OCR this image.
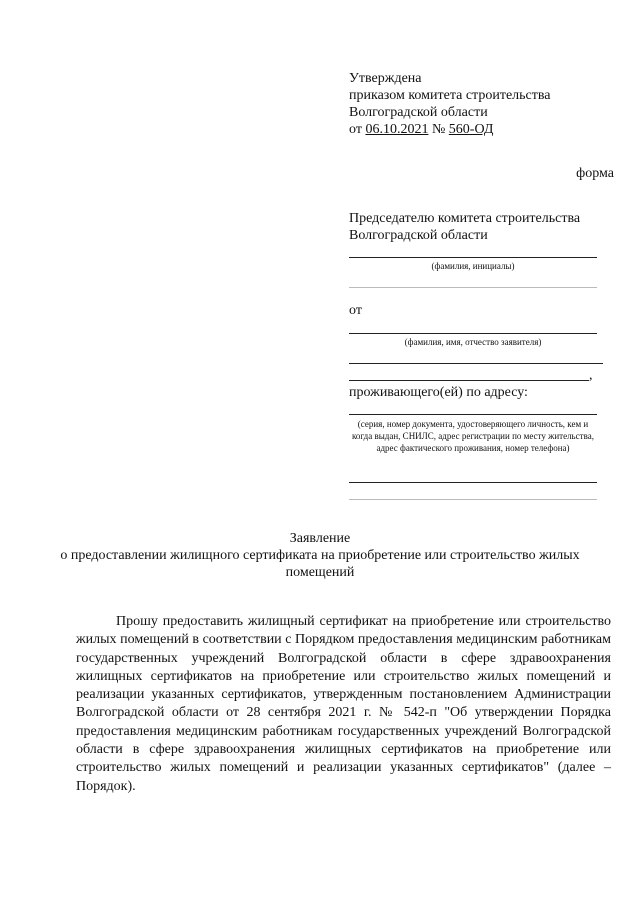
Утверждена
приказом комитета строительства
Волгоградской области
от 06.10.2021 № 560-ОД
форма
Председателю комитета строительства
Волгоградской области
(фамилия, инициалы)
от
(фамилия, имя, отчество заявителя)
,
проживающего(ей) по адресу:
(серия, номер документа, удостоверяющего личность, кем и когда выдан, СНИЛС, адрес регистрации по месту жительства, адрес фактического проживания, номер телефона)
Заявление
о предоставлении жилищного сертификата на приобретение или строительство жилых помещений
Прошу предоставить жилищный сертификат на приобретение или строительство жилых помещений в соответствии с Порядком предоставления медицинским работникам государственных учреждений Волгоградской области в сфере здравоохранения жилищных сертификатов на приобретение или строительство жилых помещений и реализации указанных сертификатов, утвержденным постановлением Администрации Волгоградской области от 28 сентября 2021 г. № 542-п "Об утверждении Порядка предоставления медицинским работникам государственных учреждений Волгоградской области в сфере здравоохранения жилищных сертификатов на приобретение или строительство жилых помещений и реализации указанных сертификатов" (далее – Порядок).
